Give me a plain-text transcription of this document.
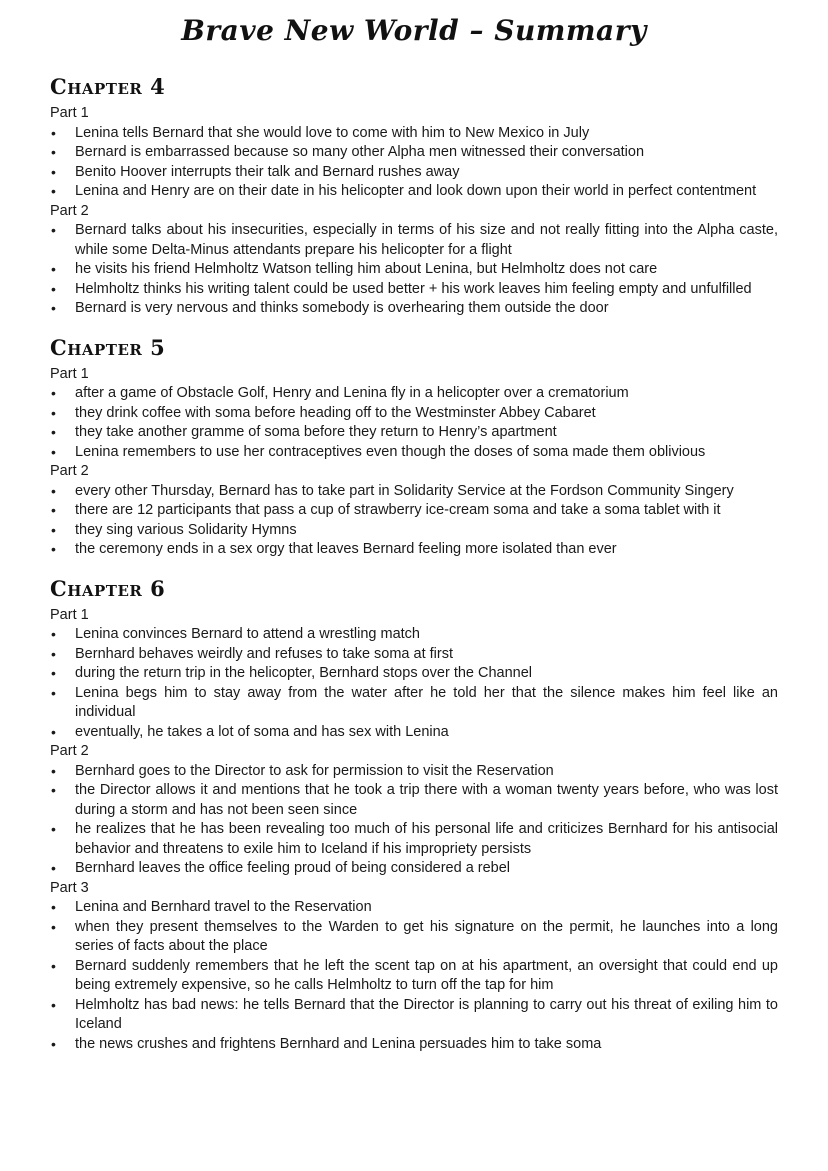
Brave New World – Summary
Chapter 4
Part 1
• Lenina tells Bernard that she would love to come with him to New Mexico in July
• Bernard is embarrassed because so many other Alpha men witnessed their conversation
• Benito Hoover interrupts their talk and Bernard rushes away
• Lenina and Henry are on their date in his helicopter and look down upon their world in perfect contentment
Part 2
• Bernard talks about his insecurities, especially in terms of his size and not really fitting into the Alpha caste, while some Delta-Minus attendants prepare his helicopter for a flight
• he visits his friend Helmholtz Watson telling him about Lenina, but Helmholtz does not care
• Helmholtz thinks his writing talent could be used better + his work leaves him feeling empty and unfulfilled
• Bernard is very nervous and thinks somebody is overhearing them outside the door
Chapter 5
Part 1
• after a game of Obstacle Golf, Henry and Lenina fly in a helicopter over a crematorium
• they drink coffee with soma before heading off to the Westminster Abbey Cabaret
• they take another gramme of soma before they return to Henry’s apartment
• Lenina remembers to use her contraceptives even though the doses of soma made them oblivious
Part 2
• every other Thursday, Bernard has to take part in Solidarity Service at the Fordson Community Singery
• there are 12 participants that pass a cup of strawberry ice-cream soma and take a soma tablet with it
• they sing various Solidarity Hymns
• the ceremony ends in a sex orgy that leaves Bernard feeling more isolated than ever
Chapter 6
Part 1
• Lenina convinces Bernard to attend a wrestling match
• Bernhard behaves weirdly and refuses to take soma at first
• during the return trip in the helicopter, Bernhard stops over the Channel
• Lenina begs him to stay away from the water after he told her that the silence makes him feel like an individual
• eventually, he takes a lot of soma and has sex with Lenina
Part 2
• Bernhard goes to the Director to ask for permission to visit the Reservation
• the Director allows it and mentions that he took a trip there with a woman twenty years before, who was lost during a storm and has not been seen since
• he realizes that he has been revealing too much of his personal life and criticizes Bernhard for his antisocial behavior and threatens to exile him to Iceland if his impropriety persists
• Bernhard leaves the office feeling proud of being considered a rebel
Part 3
• Lenina and Bernhard travel to the Reservation
• when they present themselves to the Warden to get his signature on the permit, he launches into a long series of facts about the place
• Bernard suddenly remembers that he left the scent tap on at his apartment, an oversight that could end up being extremely expensive, so he calls Helmholtz to turn off the tap for him
• Helmholtz has bad news: he tells Bernard that the Director is planning to carry out his threat of exiling him to Iceland
• the news crushes and frightens Bernhard and Lenina persuades him to take soma
